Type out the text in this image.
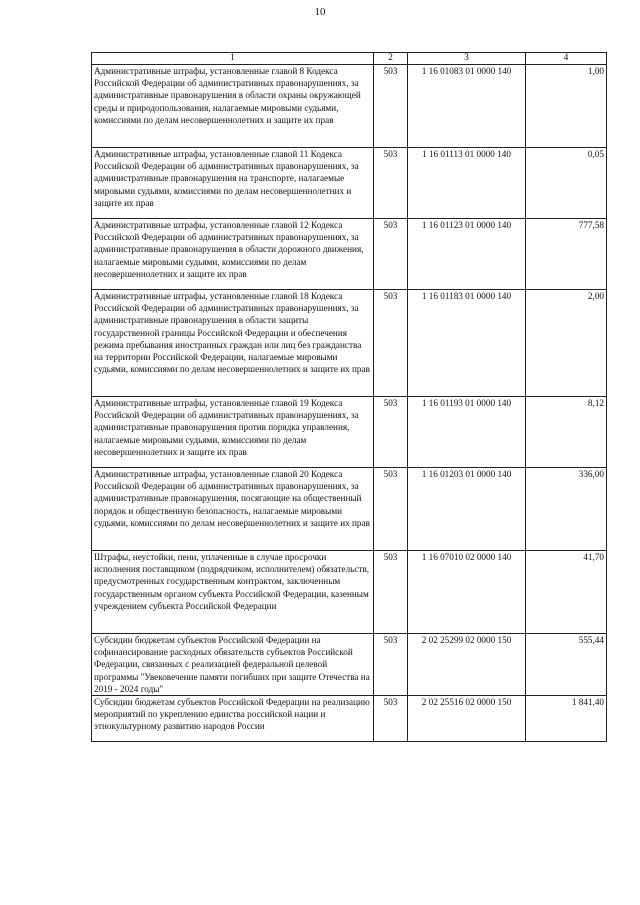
10
1	2	3	4
Административные штрафы, установленные главой 8 Кодекса Российской Федерации об административных правонарушениях, за административные правонарушения в области охраны окружающей среды и природопользования, налагаемые мировыми судьями, комиссиями по делам несовершеннолетних и защите их прав	503	1 16 01083 01 0000 140	1,00
Административные штрафы, установленные главой 11 Кодекса Российской Федерации об административных правонарушениях, за административные правонарушения на транспорте, налагаемые мировыми судьями, комиссиями по делам несовершеннолетних и защите их прав	503	1 16 01113 01 0000 140	0,05
Административные штрафы, установленные главой 12 Кодекса Российской Федерации об административных правонарушениях, за административные правонарушения в области дорожного движения, налагаемые мировыми судьями, комиссиями по делам несовершеннолетних и защите их прав	503	1 16 01123 01 0000 140	777,58
Административные штрафы, установленные главой 18 Кодекса Российской Федерации об административных правонарушениях, за административные правонарушения в области защиты государственной границы Российской Федерации и обеспечения режима пребывания иностранных граждан или лиц без гражданства на территории Российской Федерации, налагаемые мировыми судьями, комиссиями по делам несовершеннолетних и защите их прав	503	1 16 01183 01 0000 140	2,00
Административные штрафы, установленные главой 19 Кодекса Российской Федерации об административных правонарушениях, за административные правонарушения против порядка управления, налагаемые мировыми судьями, комиссиями по делам несовершеннолетних и защите их прав	503	1 16 01193 01 0000 140	8,12
Административные штрафы, установленные главой 20 Кодекса Российской Федерации об административных правонарушениях, за административные правонарушения, посягающие на общественный порядок и общественную безопасность, налагаемые мировыми судьями, комиссиями по делам несовершеннолетних и защите их прав	503	1 16 01203 01 0000 140	336,00
Штрафы, неустойки, пени, уплаченные в случае просрочки исполнения поставщиком (подрядчиком, исполнителем) обязательств, предусмотренных государственным контрактом, заключенным государственным органом субъекта Российской Федерации, казенным учреждением субъекта Российской Федерации	503	1 16 07010 02 0000 140	41,70
Субсидии бюджетам субъектов Российской Федерации на софинансирование расходных обязательств субъектов Российской Федерации, связанных с реализацией федеральной целевой программы "Увековечение памяти погибших при защите Отечества на 2019 - 2024 годы"	503	2 02 25299 02 0000 150	555,44
Субсидии бюджетам субъектов Российской Федерации на реализацию мероприятий по укреплению единства российской нации и этнокультурному развитию народов России	503	2 02 25516 02 0000 150	1 841,40
